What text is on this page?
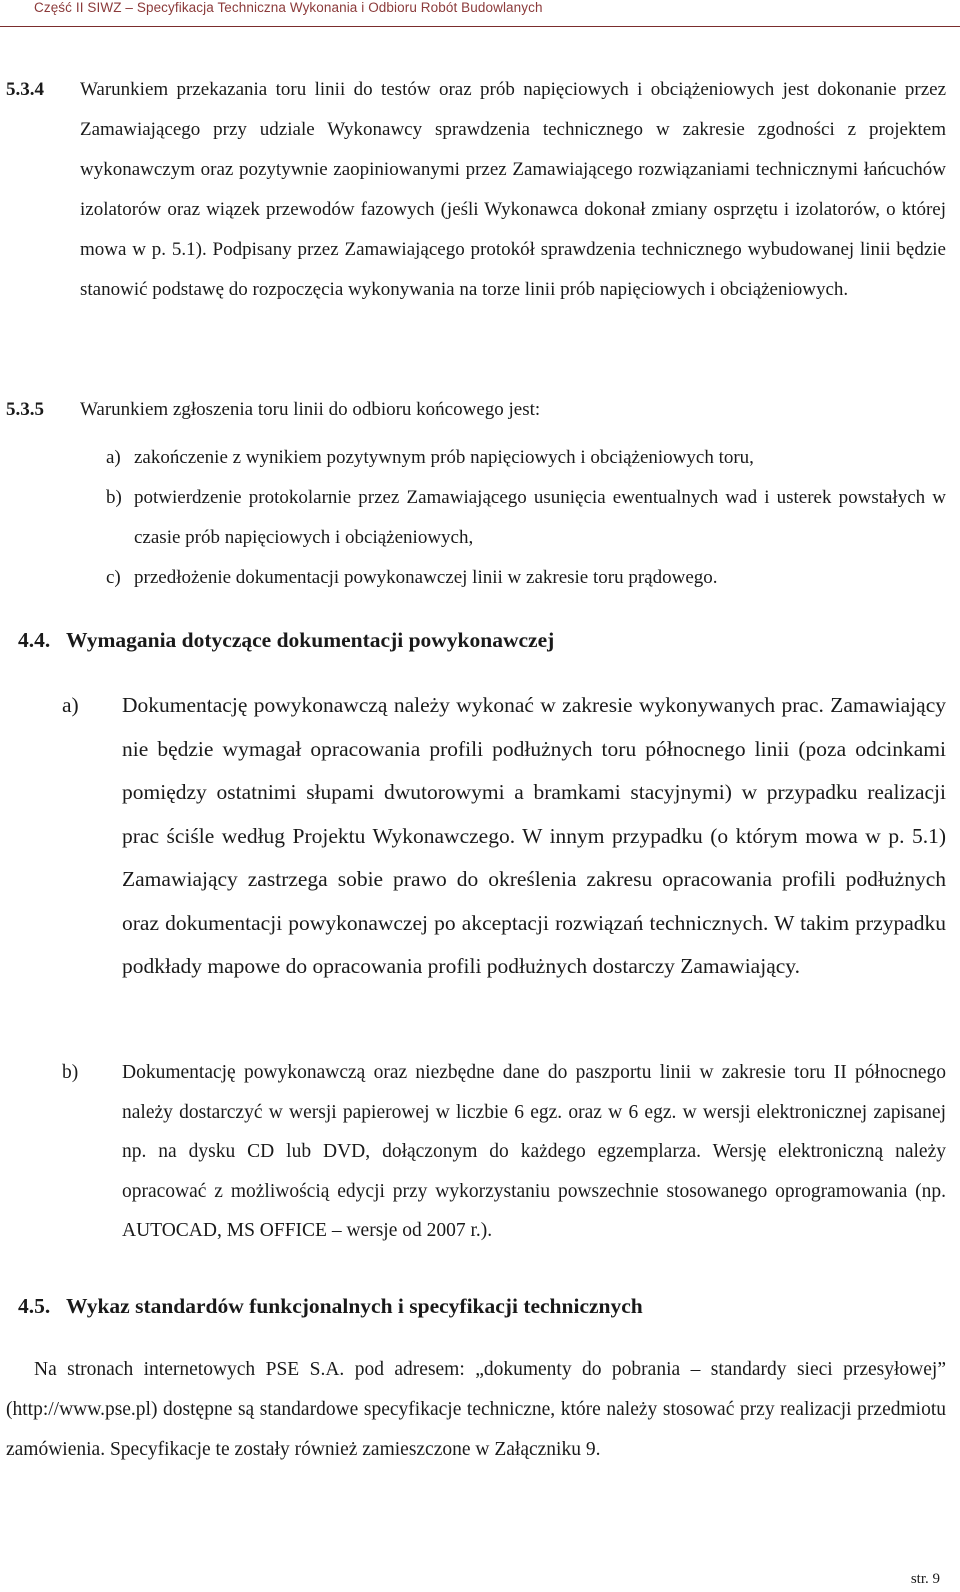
Część II SIWZ – Specyfikacja Techniczna Wykonania i Odbioru Robót Budowlanych
5.3.4 Warunkiem przekazania toru linii do testów oraz prób napięciowych i obciążeniowych jest dokonanie przez Zamawiającego przy udziale Wykonawcy sprawdzenia technicznego w zakresie zgodności z projektem wykonawczym oraz pozytywnie zaopiniowanymi przez Zamawiającego rozwiązaniami technicznymi łańcuchów izolatorów oraz wiązek przewodów fazowych (jeśli Wykonawca dokonał zmiany osprzętu i izolatorów, o której mowa w p. 5.1). Podpisany przez Zamawiającego protokół sprawdzenia technicznego wybudowanej linii będzie stanowić podstawę do rozpoczęcia wykonywania na torze linii prób napięciowych i obciążeniowych.

5.3.5 Warunkiem zgłoszenia toru linii do odbioru końcowego jest:
a) zakończenie z wynikiem pozytywnym prób napięciowych i obciążeniowych toru,
b) potwierdzenie protokolarnie przez Zamawiającego usunięcia ewentualnych wad i usterek powstałych w czasie prób napięciowych i obciążeniowych,
c) przedłożenie dokumentacji powykonawczej linii w zakresie toru prądowego.
4.4. Wymagania dotyczące dokumentacji powykonawczej
a) Dokumentację powykonawczą należy wykonać w zakresie wykonywanych prac. Zamawiający nie będzie wymagał opracowania profili podłużnych toru północnego linii (poza odcinkami pomiędzy ostatnimi słupami dwutorowymi a bramkami stacyjnymi) w przypadku realizacji prac ściśle według Projektu Wykonawczego. W innym przypadku (o którym mowa w p. 5.1) Zamawiający zastrzega sobie prawo do określenia zakresu opracowania profili podłużnych oraz dokumentacji powykonawczej po akceptacji rozwiązań technicznych. W takim przypadku podkłady mapowe do opracowania profili podłużnych dostarczy Zamawiający.
b) Dokumentację powykonawczą oraz niezbędne dane do paszportu linii w zakresie toru II północnego należy dostarczyć w wersji papierowej w liczbie 6 egz. oraz w 6 egz. w wersji elektronicznej zapisanej np. na dysku CD lub DVD, dołączonym do każdego egzemplarza. Wersję elektroniczną należy opracować z możliwością edycji przy wykorzystaniu powszechnie stosowanego oprogramowania (np. AUTOCAD, MS OFFICE – wersje od 2007 r.).
4.5. Wykaz standardów funkcjonalnych i specyfikacji technicznych
Na stronach internetowych PSE S.A. pod adresem: „dokumenty do pobrania – standardy sieci przesyłowej” (http://www.pse.pl) dostępne są standardowe specyfikacje techniczne, które należy stosować przy realizacji przedmiotu zamówienia. Specyfikacje te zostały również zamieszczone w Załączniku 9.
str. 9
